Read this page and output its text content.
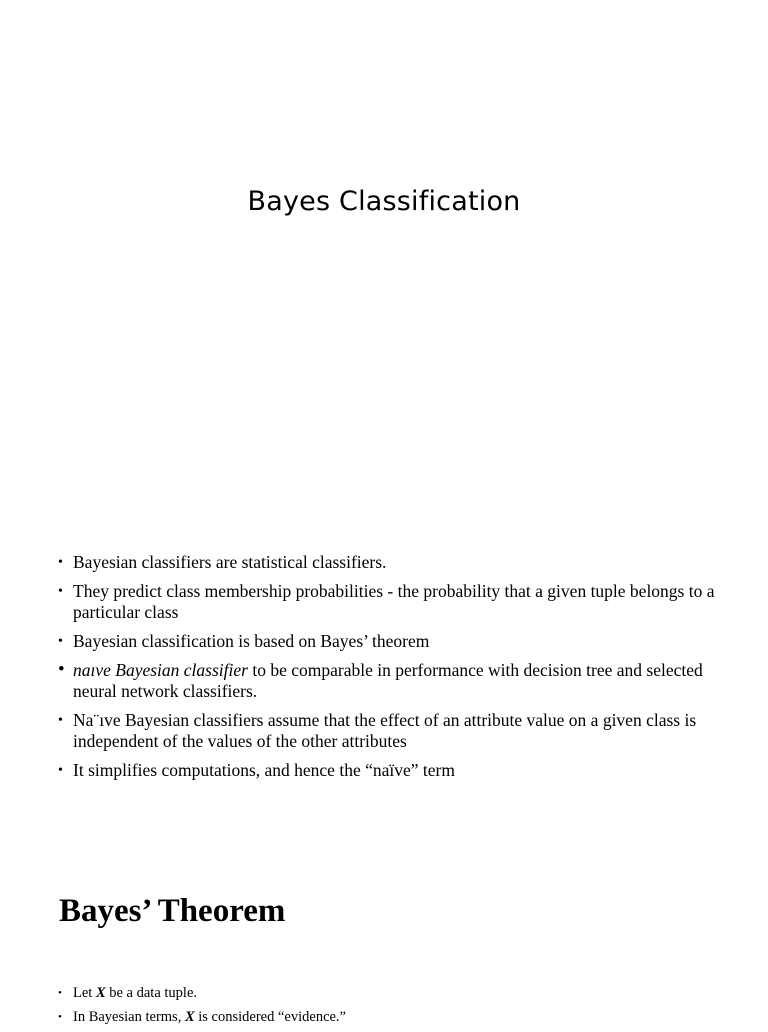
Bayes Classification
• Bayesian classifiers are statistical classifiers.
• They predict class membership probabilities - the probability that a given tuple belongs to a particular class
• Bayesian classification is based on Bayes’ theorem
• naıve Bayesian classifier to be comparable in performance with decision tree and selected neural network classifiers.
• Na¨ıve Bayesian classifiers assume that the effect of an attribute value on a given class is independent of the values of the other attributes
• It simplifies computations, and hence the “naïve” term
Bayes’ Theorem
• Let X be a data tuple.
• In Bayesian terms, X is considered “evidence.”
